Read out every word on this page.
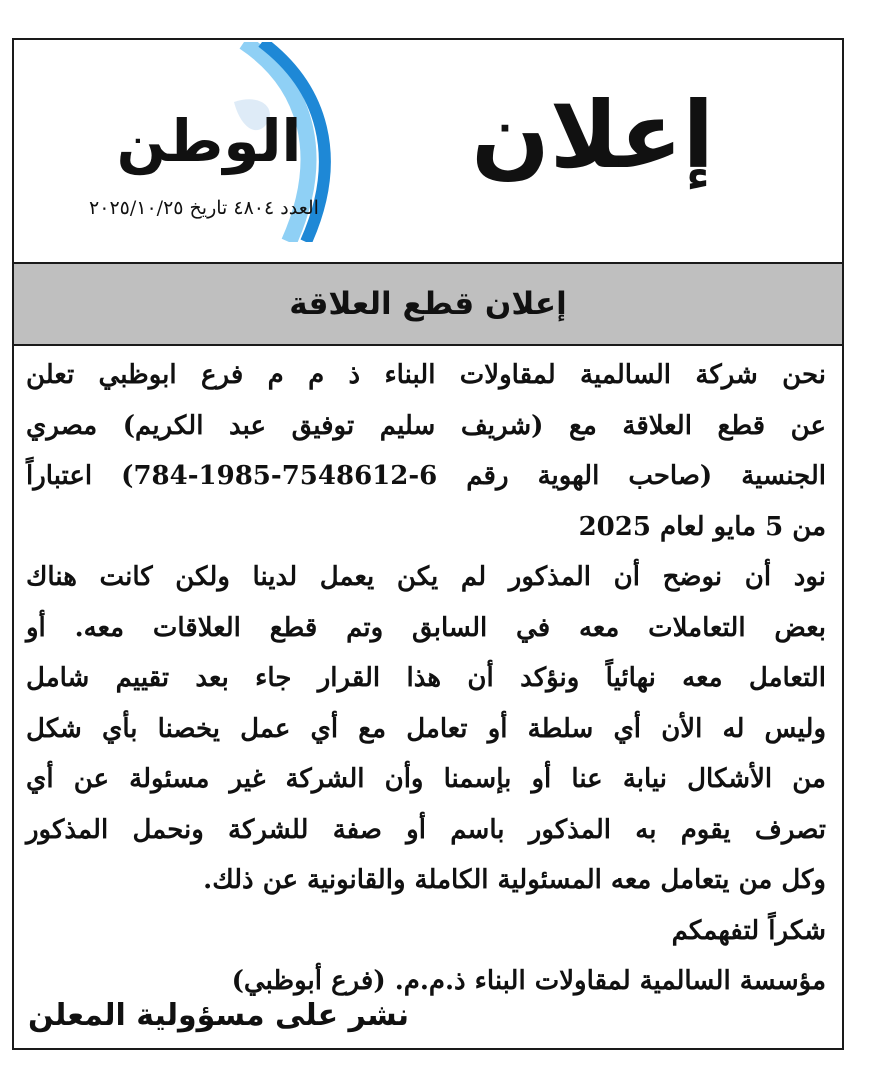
الوطن
العدد ٤٨٠٤ تاريخ ٢٠٢٥/١٠/٢٥
إعلان
إعلان قطع العلاقة
نحن شركة السالمية لمقاولات البناء ذ م م فرع ابوظبي تعلن
عن قطع العلاقة مع (شريف سليم توفيق عبد الكريم) مصري
الجنسية (صاحب الهوية رقم 6-7548612-1985-784) اعتباراً
من 5 مايو لعام 2025
نود أن نوضح أن المذكور لم يكن يعمل لدينا ولكن كانت هناك
بعض التعاملات معه في السابق وتم قطع العلاقات معه. أو
التعامل معه نهائياً ونؤكد أن هذا القرار جاء بعد تقييم شامل
وليس له الأن أي سلطة أو تعامل مع أي عمل يخصنا بأي شكل
من الأشكال نيابة عنا أو بإسمنا وأن الشركة غير مسئولة عن أي
تصرف يقوم به المذكور باسم أو صفة للشركة ونحمل المذكور
وكل من يتعامل معه المسئولية الكاملة والقانونية عن ذلك.
شكراً لتفهمكم
مؤسسة السالمية لمقاولات البناء ذ.م.م. (فرع أبوظبي)

نشر على مسؤولية المعلن
